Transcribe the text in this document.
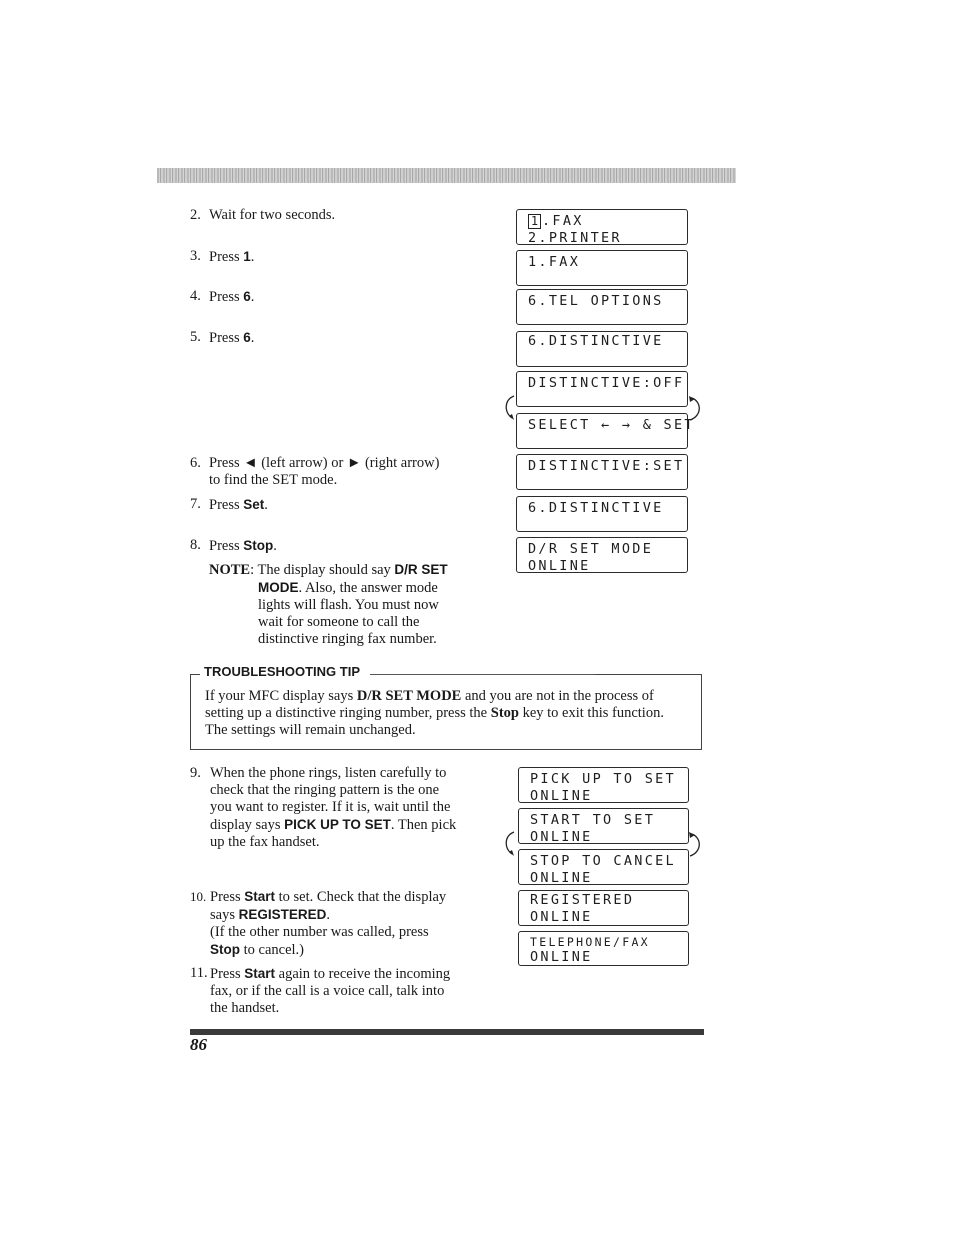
2. Wait for two seconds.
3. Press 1.
4. Press 6.
5. Press 6.
6. Press ◄ (left arrow) or ► (right arrow)
to find the SET mode.
7. Press Set.
8. Press Stop.
NOTE: The display should say D/R SET
MODE. Also, the answer mode
lights will flash. You must now
wait for someone to call the
distinctive ringing fax number.
1 .FAX
2.PRINTER
1.FAX
6.TEL OPTIONS
6.DISTINCTIVE
DISTINCTIVE:OFF
SELECT ← → & SET
DISTINCTIVE:SET
6.DISTINCTIVE
D/R SET MODE
ONLINE
TROUBLESHOOTING TIP
If your MFC display says D/R SET MODE and you are not in the process of
setting up a distinctive ringing number, press the Stop key to exit this function.
The settings will remain unchanged.
9. When the phone rings, listen carefully to
check that the ringing pattern is the one
you want to register. If it is, wait until the
display says PICK UP TO SET. Then pick
up the fax handset.
10. Press Start to set. Check that the display
says REGISTERED.
(If the other number was called, press
Stop to cancel.)
11. Press Start again to receive the incoming
fax, or if the call is a voice call, talk into
the handset.
PICK UP TO SET
ONLINE
START TO SET
ONLINE
STOP TO CANCEL
ONLINE
REGISTERED
ONLINE
TELEPHONE/FAX
ONLINE
86
